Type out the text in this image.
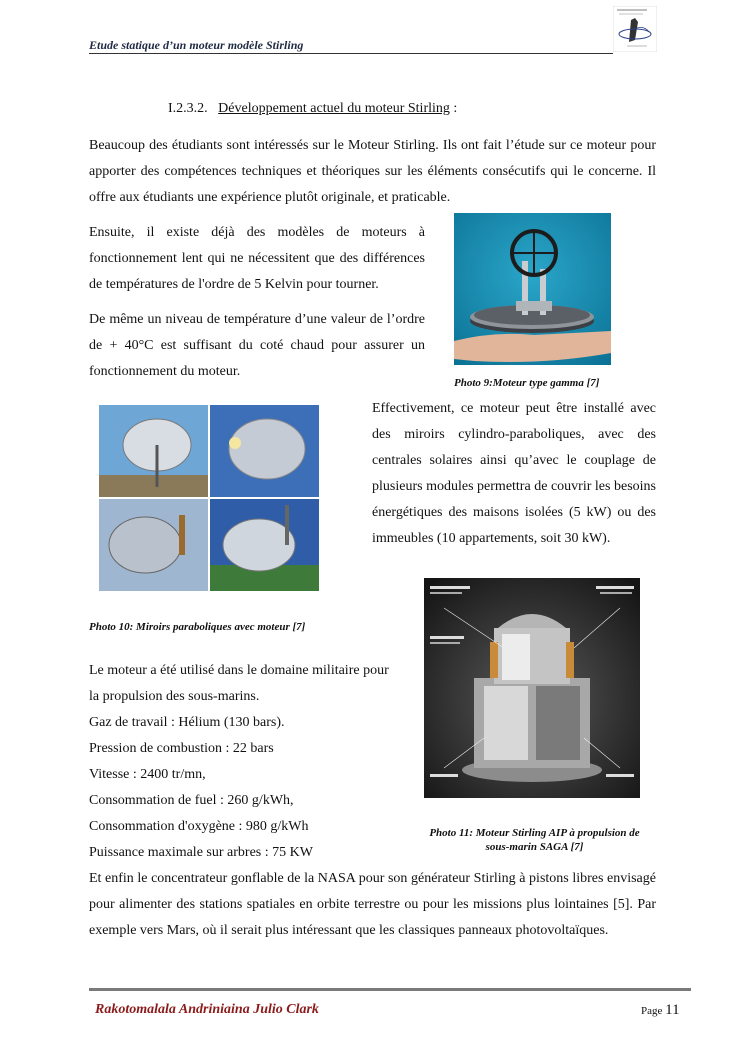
Etude statique d’un moteur modèle Stirling
I.2.3.2. Développement actuel du moteur Stirling :
Beaucoup des étudiants sont intéressés sur le Moteur Stirling. Ils ont fait l’étude sur ce moteur pour apporter des compétences techniques et théoriques sur les éléments consécutifs qui le concerne. Il offre aux étudiants une expérience plutôt originale, et praticable.
Ensuite, il existe déjà des modèles de moteurs à fonctionnement lent qui ne nécessitent que des différences de températures de l'ordre de 5 Kelvin pour tourner.
De même un niveau de température d’une valeur de l’ordre de + 40°C est suffisant du coté chaud pour assurer un fonctionnement du moteur.
Photo 9:Moteur type gamma [7]
Effectivement, ce moteur peut être installé avec des miroirs cylindro-paraboliques, avec des centrales solaires ainsi qu’avec le couplage de plusieurs modules permettra de couvrir les besoins énergétiques des maisons isolées (5 kW) ou des immeubles (10 appartements, soit 30 kW).
Photo 11: Moteur Stirling AIP à propulsion de
sous-marin SAGA [7]
Photo 10: Miroirs paraboliques avec moteur [7]
Le moteur a été utilisé dans le domaine militaire pour
la propulsion des sous-marins.
Gaz de travail : Hélium (130 bars).
Pression de combustion : 22 bars
Vitesse : 2400 tr/mn,
Consommation de fuel : 260 g/kWh,
Consommation d'oxygène : 980 g/kWh
Puissance maximale sur arbres : 75 KW
Et enfin le concentrateur gonflable de la NASA pour son générateur Stirling à pistons libres envisagé pour alimenter des stations spatiales en orbite terrestre ou pour les missions plus lointaines [5]. Par exemple vers Mars, où il serait plus intéressant que les classiques panneaux photovoltaïques.
Rakotomalala Andriniaina Julio Clark	Page 11
